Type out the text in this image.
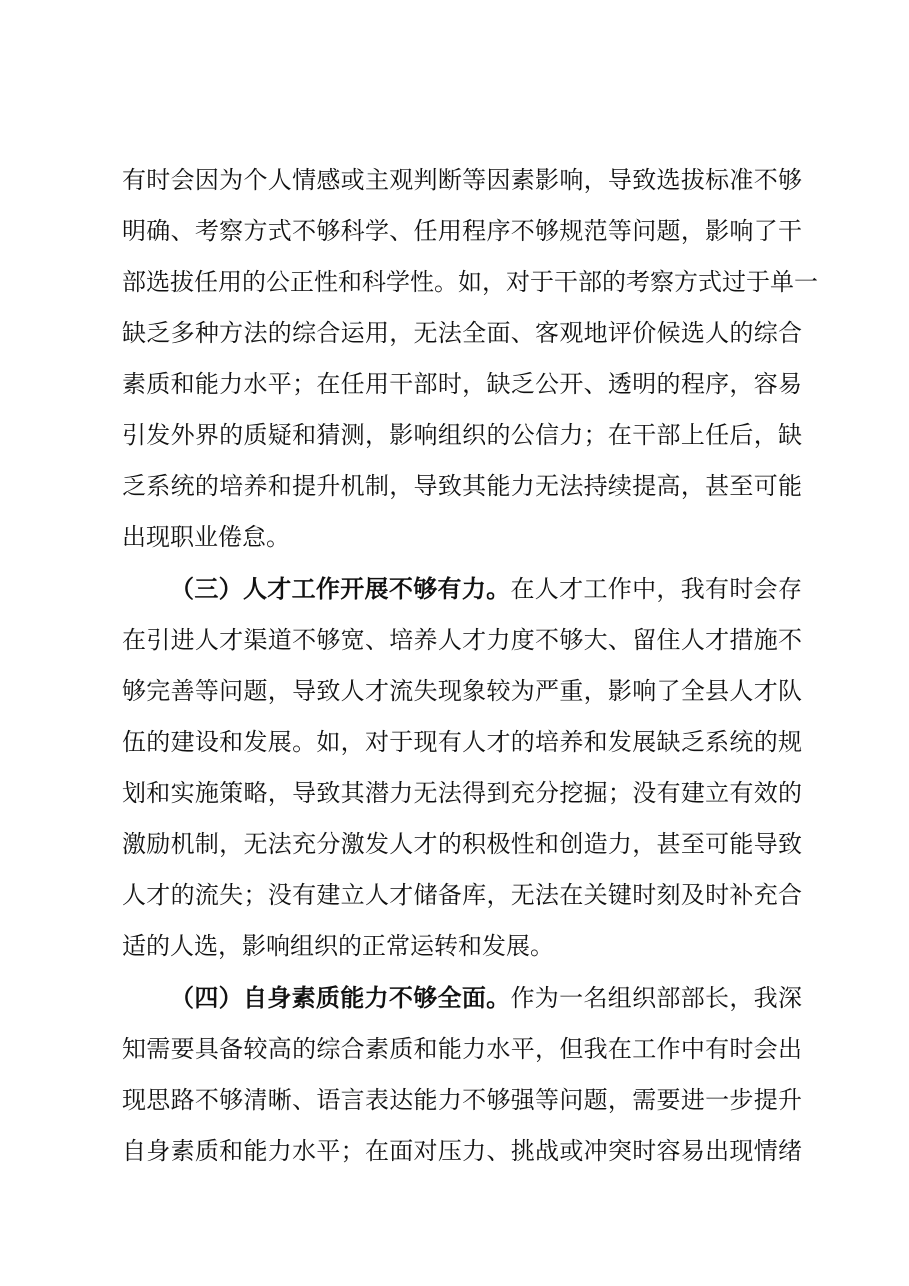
有时会因为个人情感或主观判断等因素影响，导致选拔标准不够
明确、考察方式不够科学、任用程序不够规范等问题，影响了干
部选拔任用的公正性和科学性。如，对于干部的考察方式过于单一
缺乏多种方法的综合运用，无法全面、客观地评价候选人的综合
素质和能力水平；在任用干部时，缺乏公开、透明的程序，容易
引发外界的质疑和猜测，影响组织的公信力；在干部上任后，缺
乏系统的培养和提升机制，导致其能力无法持续提高，甚至可能
出现职业倦怠。
（三）人才工作开展不够有力。在人才工作中，我有时会存
在引进人才渠道不够宽、培养人才力度不够大、留住人才措施不
够完善等问题，导致人才流失现象较为严重，影响了全县人才队
伍的建设和发展。如，对于现有人才的培养和发展缺乏系统的规
划和实施策略，导致其潜力无法得到充分挖掘；没有建立有效的
激励机制，无法充分激发人才的积极性和创造力，甚至可能导致
人才的流失；没有建立人才储备库，无法在关键时刻及时补充合
适的人选，影响组织的正常运转和发展。
（四）自身素质能力不够全面。作为一名组织部部长，我深
知需要具备较高的综合素质和能力水平，但我在工作中有时会出
现思路不够清晰、语言表达能力不够强等问题，需要进一步提升
自身素质和能力水平；在面对压力、挑战或冲突时容易出现情绪
